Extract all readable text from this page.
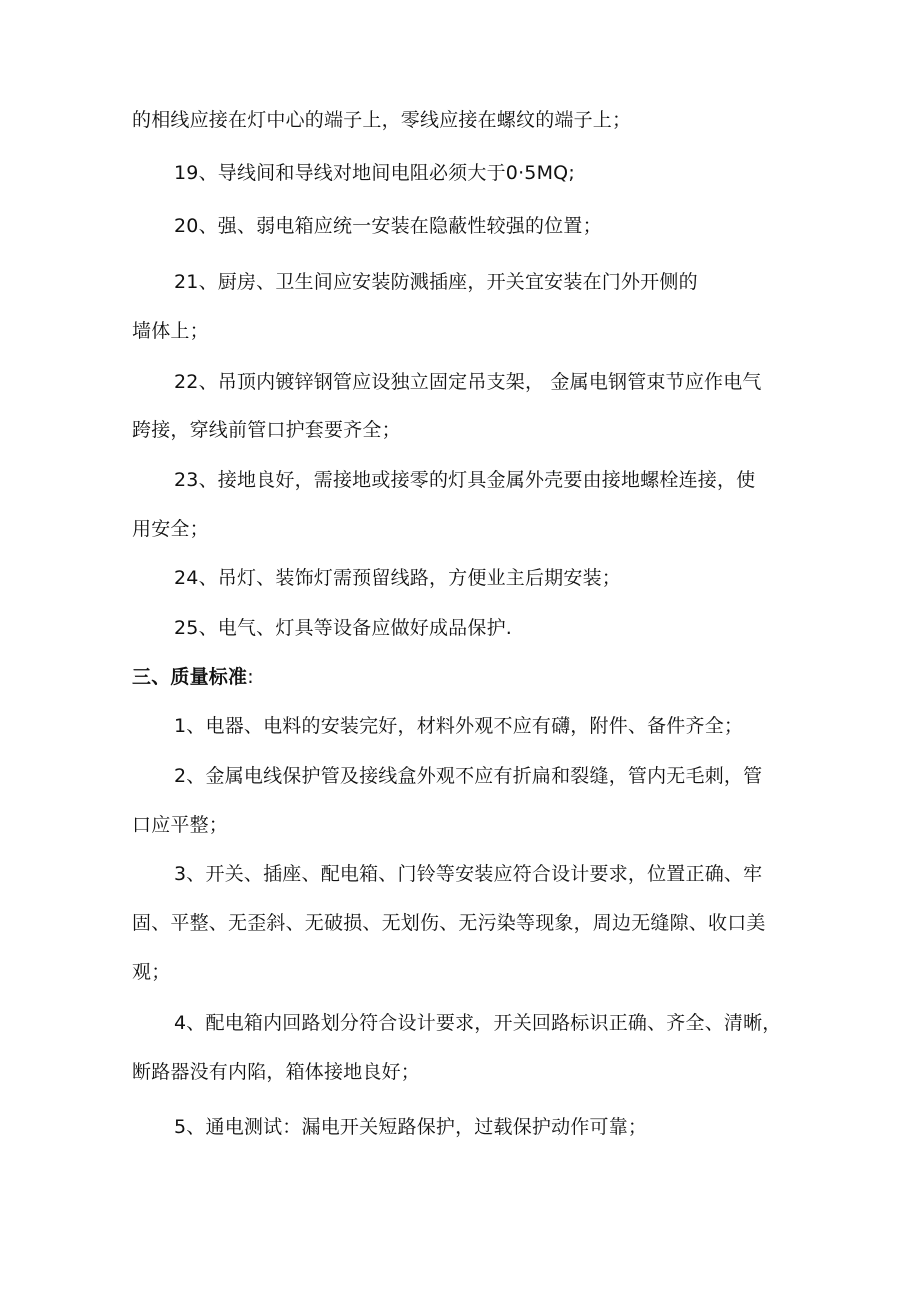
的相线应接在灯中心的端子上，零线应接在螺纹的端子上；
19、导线间和导线对地间电阻必须大于0·5MQ;
20、强、弱电箱应统一安装在隐蔽性较强的位置；
21、厨房、卫生间应安装防溅插座，开关宜安装在门外开侧的
墙体上；
22、吊顶内镀锌钢管应设独立固定吊支架， 金属电钢管束节应作电气
跨接，穿线前管口护套要齐全；
23、接地良好，需接地或接零的灯具金属外壳要由接地螺栓连接，使
用安全；
24、吊灯、装饰灯需预留线路，方便业主后期安装；
25、电气、灯具等设备应做好成品保护.
三、质量标准:
1、电器、电料的安装完好，材料外观不应有礴，附件、备件齐全；
2、金属电线保护管及接线盒外观不应有折扁和裂缝，管内无毛刺，管
口应平整；
3、开关、插座、配电箱、门铃等安装应符合设计要求，位置正确、牢
固、平整、无歪斜、无破损、无划伤、无污染等现象，周边无缝隙、收口美
观；
4、配电箱内回路划分符合设计要求，开关回路标识正确、齐全、清晰，
断路器没有内陷，箱体接地良好；
5、通电测试：漏电开关短路保护，过载保护动作可靠；
